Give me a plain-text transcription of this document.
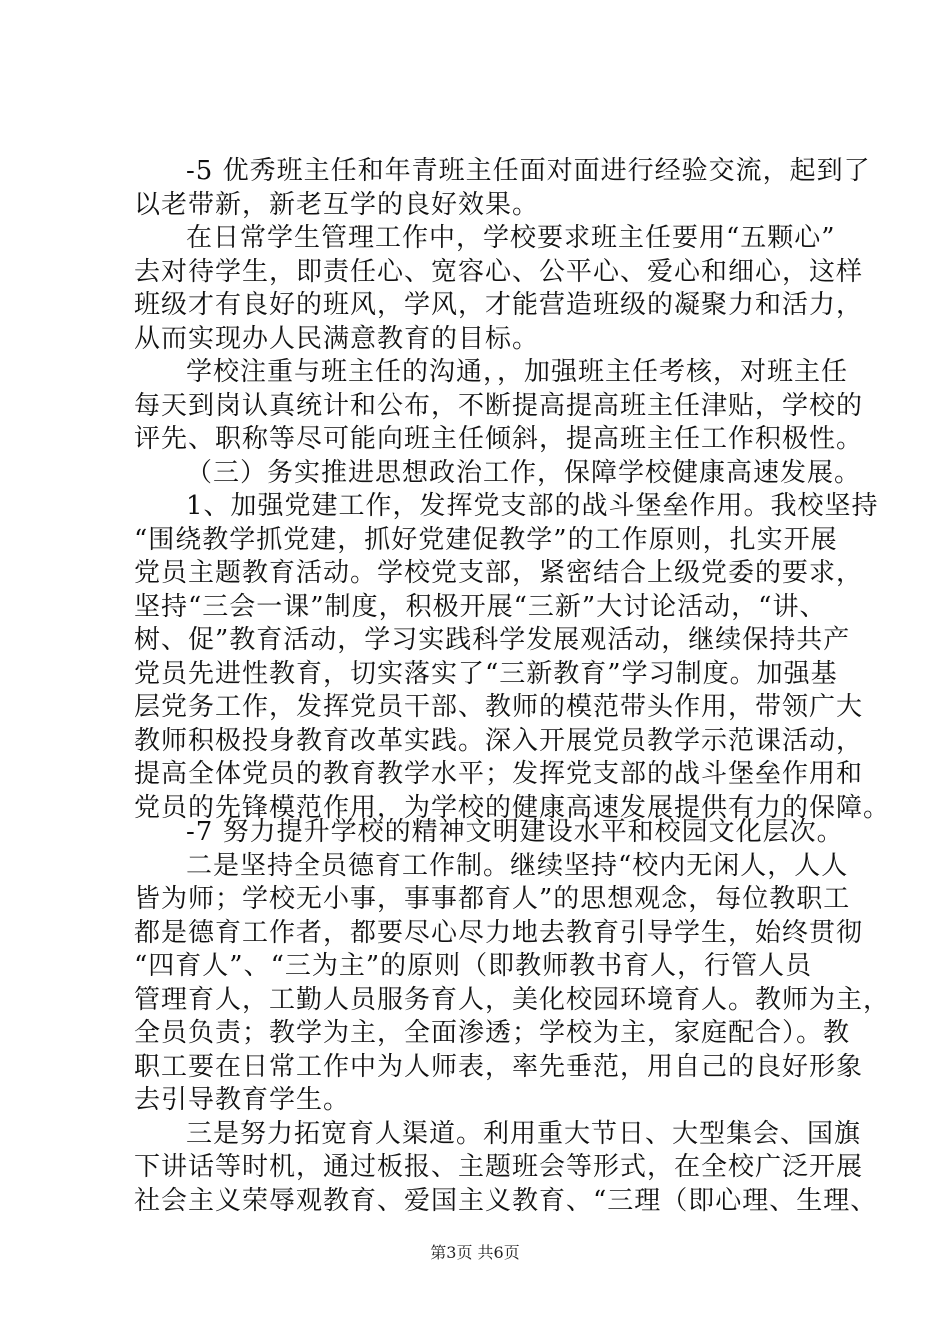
-5 优秀班主任和年青班主任面对面进行经验交流，起到了
以老带新，新老互学的良好效果。
在日常学生管理工作中，学校要求班主任要用“五颗心”
去对待学生，即责任心、宽容心、公平心、爱心和细心，这样
班级才有良好的班风，学风，才能营造班级的凝聚力和活力，
从而实现办人民满意教育的目标。
学校注重与班主任的沟通，，加强班主任考核，对班主任
每天到岗认真统计和公布，不断提高提高班主任津贴，学校的
评先、职称等尽可能向班主任倾斜，提高班主任工作积极性。
（三）务实推进思想政治工作，保障学校健康高速发展。
1、加强党建工作，发挥党支部的战斗堡垒作用。我校坚持
“围绕教学抓党建，抓好党建促教学”的工作原则，扎实开展
党员主题教育活动。学校党支部，紧密结合上级党委的要求，
坚持“三会一课”制度，积极开展“三新”大讨论活动，“讲、
树、促”教育活动，学习实践科学发展观活动，继续保持共产
党员先进性教育，切实落实了“三新教育”学习制度。加强基
层党务工作，发挥党员干部、教师的模范带头作用，带领广大
教师积极投身教育改革实践。深入开展党员教学示范课活动，
提高全体党员的教育教学水平；发挥党支部的战斗堡垒作用和
党员的先锋模范作用，为学校的健康高速发展提供有力的保障。
-7 努力提升学校的精神文明建设水平和校园文化层次。
二是坚持全员德育工作制。继续坚持“校内无闲人，人人
皆为师；学校无小事，事事都育人”的思想观念，每位教职工
都是德育工作者，都要尽心尽力地去教育引导学生，始终贯彻
“四育人”、“三为主”的原则（即教师教书育人，行管人员
管理育人，工勤人员服务育人，美化校园环境育人。教师为主，
全员负责；教学为主，全面渗透；学校为主，家庭配合）。教
职工要在日常工作中为人师表，率先垂范，用自己的良好形象
去引导教育学生。
三是努力拓宽育人渠道。利用重大节日、大型集会、国旗
下讲话等时机，通过板报、主题班会等形式，在全校广泛开展
社会主义荣辱观教育、爱国主义教育、“三理（即心理、生理、
第3页 共6页
